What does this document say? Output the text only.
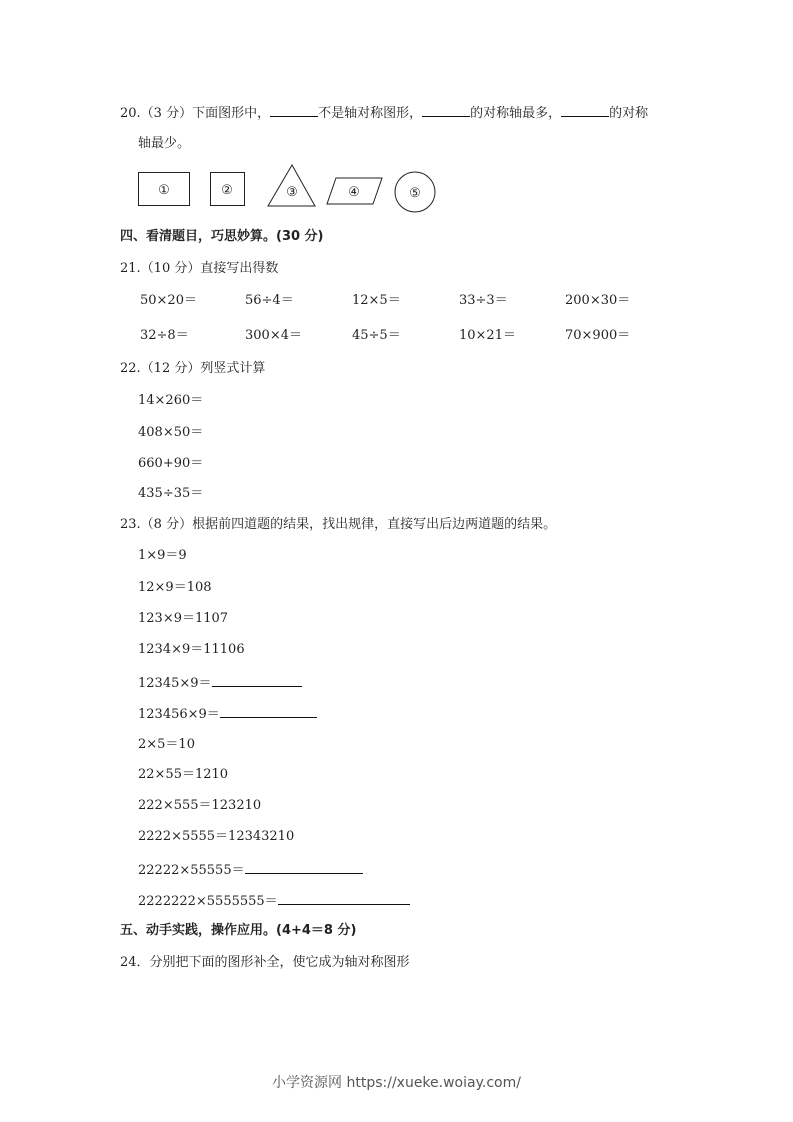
20.（3 分）下面图形中，	不是轴对称图形，	的对称轴最多，	的对称
轴最少。
①	②	③	④	⑤
四、看清题目，巧思妙算。(30 分)
21.（10 分）直接写出得数
50×20＝	56÷4＝	12×5＝	33÷3＝	200×30＝
32÷8＝	300×4＝	45÷5＝	10×21＝	70×900＝
22.（12 分）列竖式计算
14×260＝
408×50＝
660+90＝
435÷35＝
23.（8 分）根据前四道题的结果，找出规律，直接写出后边两道题的结果。
1×9＝9
12×9＝108
123×9＝1107
1234×9＝11106
12345×9＝
123456×9＝
2×5＝10
22×55＝1210
222×555＝123210
2222×5555＝12343210
22222×55555＝
2222222×5555555＝
五、动手实践，操作应用。(4+4＝8 分)
24．分别把下面的图形补全，使它成为轴对称图形
小学资源网 https://xueke.woiay.com/
